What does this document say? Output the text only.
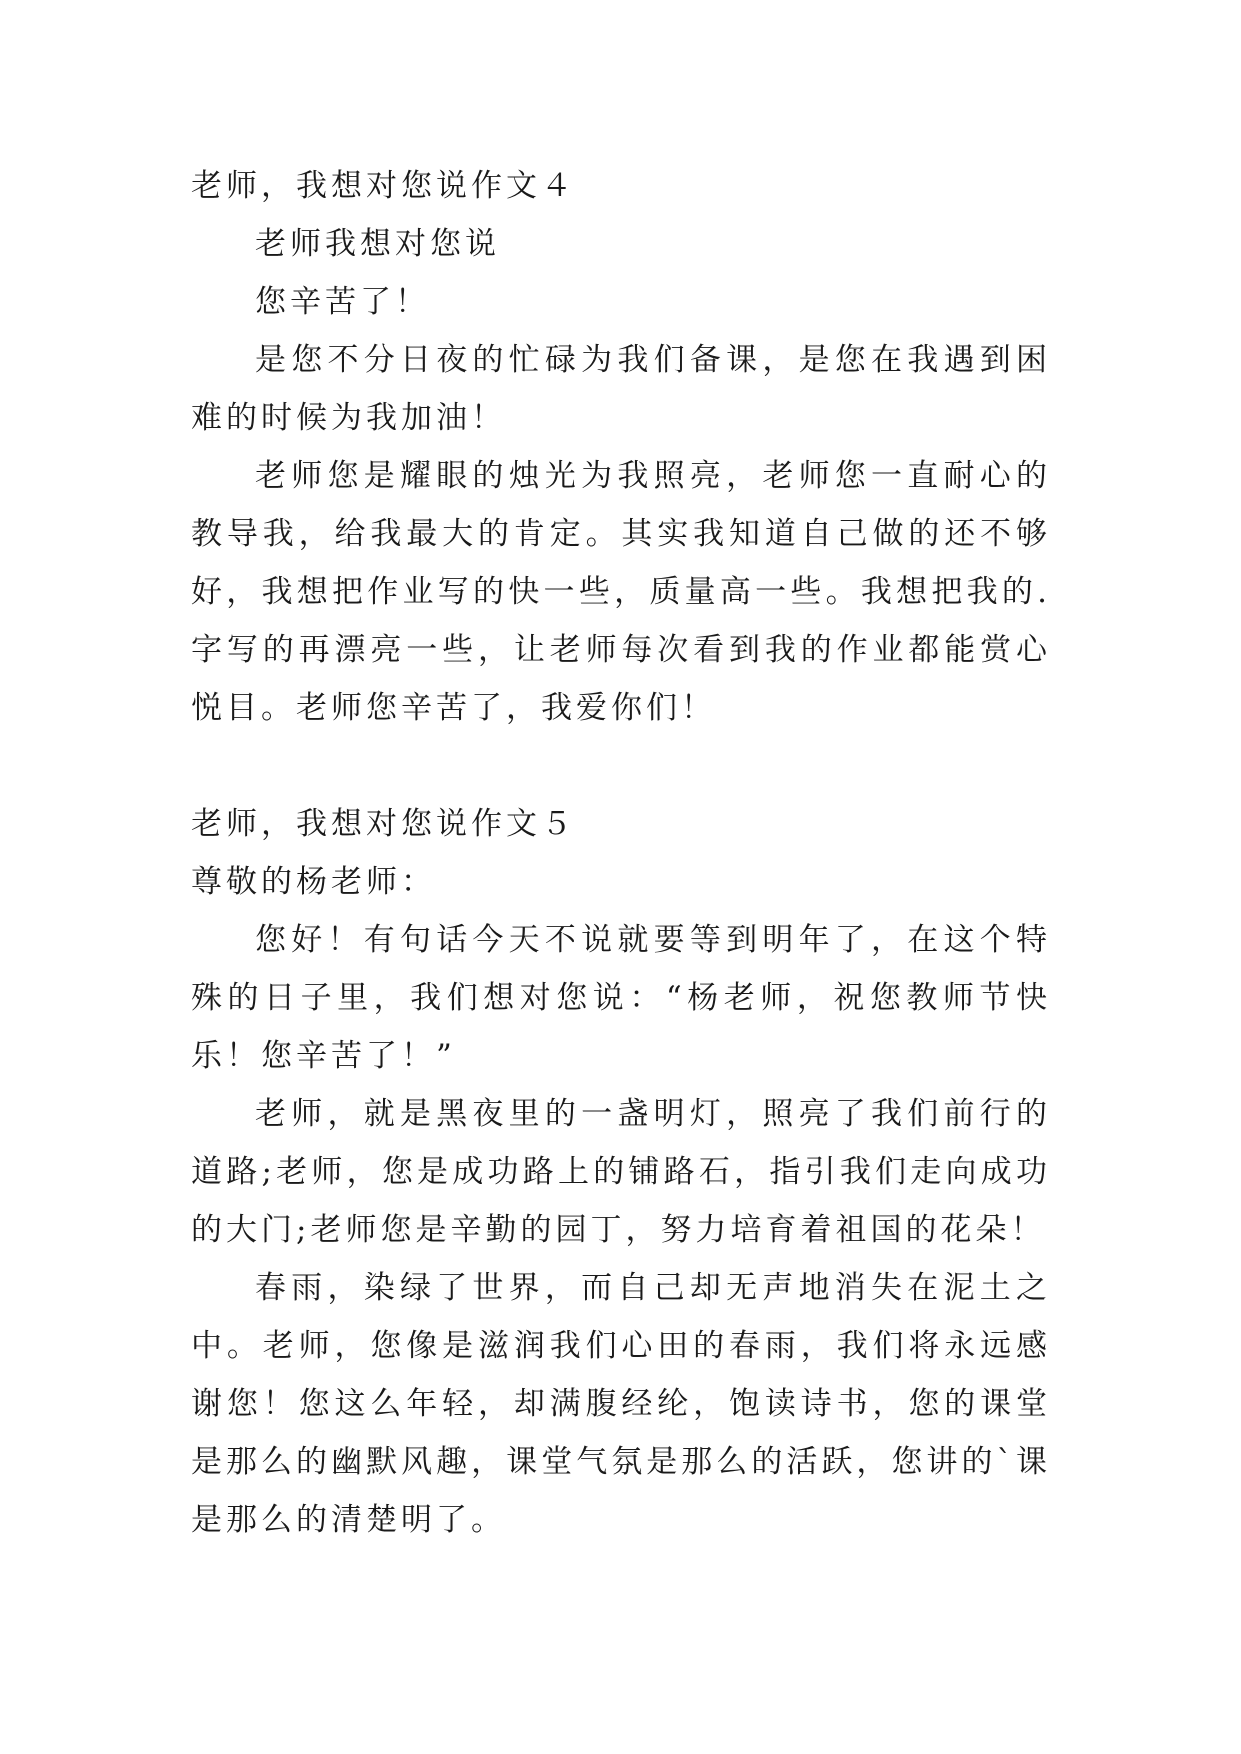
老师，我想对您说作文４

老师我想对您说

您辛苦了！

是您不分日夜的忙碌为我们备课，是您在我遇到困难的时候为我加油！

老师您是耀眼的烛光为我照亮，老师您一直耐心的教导我，给我最大的肯定。其实我知道自己做的还不够好，我想把作业写的快一些，质量高一些。我想把我的.字写的再漂亮一些，让老师每次看到我的作业都能赏心悦目。老师您辛苦了，我爱你们！

老师，我想对您说作文５

尊敬的杨老师：

您好！有句话今天不说就要等到明年了，在这个特殊的日子里，我们想对您说：“杨老师，祝您教师节快乐！您辛苦了！”

老师，就是黑夜里的一盏明灯，照亮了我们前行的道路;老师，您是成功路上的铺路石，指引我们走向成功的大门;老师您是辛勤的园丁，努力培育着祖国的花朵！

春雨，染绿了世界，而自己却无声地消失在泥土之中。老师，您像是滋润我们心田的春雨，我们将永远感谢您！您这么年轻，却满腹经纶，饱读诗书，您的课堂是那么的幽默风趣，课堂气氛是那么的活跃，您讲的`课是那么的清楚明了。
